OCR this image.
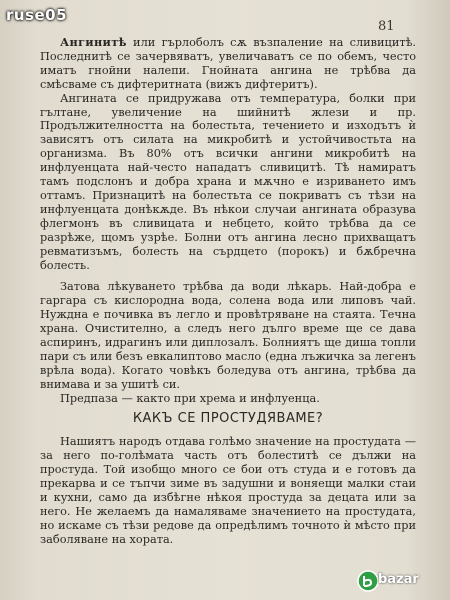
ruse05
81

Ангинитѣ или гърлоболъ сѫ възпаление на сливицитѣ. Последнитѣ се зачервяватъ, увеличаватъ се по обемъ, често иматъ гнойни налепи. Гнойната ангина не трѣбва да смѣсваме съ дифтеритната (вижъ дифтеритъ).

Ангината се придружава отъ температура, болки при гълтане, увеличение на шийнитѣ жлези и пр. Продължителността на болестьта, течението и изходътъ ѝ зависятъ отъ силата на микробитѣ и устойчивостьта на организма. Въ 80% отъ всички ангини микробитѣ на инфлуенцата най-често нападатъ сливицитѣ. Тѣ намиратъ тамъ подслонъ и добра храна и мѫчно е изриването имъ оттамъ. Признацитѣ на болестьта се покриватъ съ тѣзи на инфлуенцата донѣкѫде. Въ нѣкои случаи ангината образува флегмонъ въ сливицата и небцето, който трѣбва да се разрѣже, щомъ узрѣе. Болни отъ ангина лесно прихващатъ ревматизъмъ, болесть на сърдцето (порокъ) и бѫбречна болесть.

Затова лѣкуването трѣбва да води лѣкарь. Най-добра е гаргара съ кислородна вода, солена вода или липовъ чай. Нуждна е почивка въ легло и провѣтряване на стаята. Течна храна. Очистително, а следъ него дълго време ще се дава аспиринъ, идрагинъ или диплозалъ. Болниятъ ще диша топли пари съ или безъ евкалиптово масло (една лъжичка за легенъ врѣла вода). Когато човѣкъ боледува отъ ангина, трѣбва да внимава и за ушитѣ си.

Предпаза — както при хрема и инфлуенца.

КАКЪ СЕ ПРОСТУДЯВАМЕ?

Нашиятъ народъ отдава голѣмо значение на простудата — за него по-голѣмата часть отъ болеститѣ се дължи на простуда. Той изобщо много се бои отъ студа и е готовъ да прекарва и се тъпчи зиме въ задушни и воняещи малки стаи и кухни, само да избѣгне нѣкоя простуда за децата или за него. Не желаемъ да намаляваме значението на простудата, но искаме съ тѣзи редове да опредѣлимъ точното ѝ мѣсто при заболяване на хората.

bazar
